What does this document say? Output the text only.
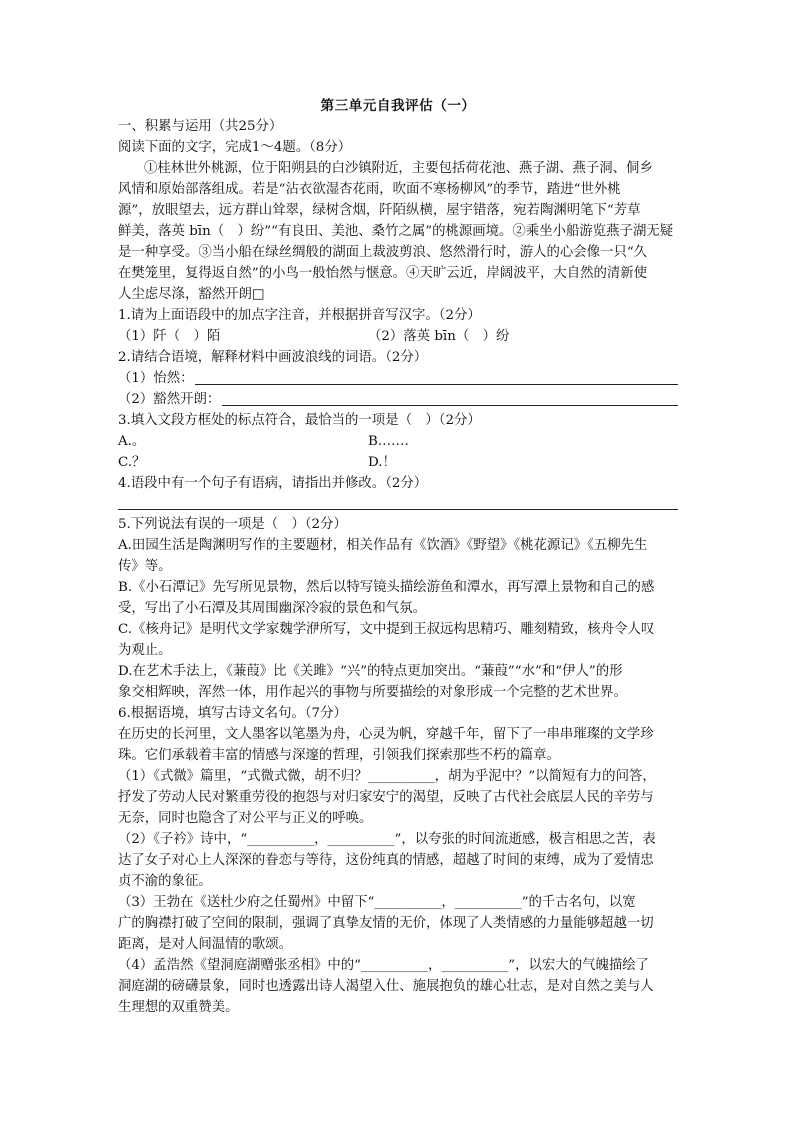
第三单元自我评估（一）
一、积累与运用（共25分）
阅读下面的文字，完成1～4题。（8分）
①桂林世外桃源，位于阳朔县的白沙镇附近，主要包括荷花池、燕子湖、燕子洞、侗乡
风情和原始部落组成。若是“沾衣欲湿杏花雨，吹面不寒杨柳风”的季节，踏进“世外桃
源”，放眼望去，远方群山耸翠，绿树含烟，阡陌纵横，屋宇错落，宛若陶渊明笔下“芳草
鲜美，落英 bīn（　）纷”“有良田、美池、桑竹之属”的桃源画境。②乘坐小船游览燕子湖无疑
是一种享受。③当小船在绿丝绸般的湖面上裁波剪浪、悠然滑行时，游人的心会像一只“久
在樊笼里，复得返自然”的小鸟一般怡然与惬意。④天旷云近，岸阔波平，大自然的清新使
人尘虑尽涤，豁然开朗□
1.请为上面语段中的加点字注音，并根据拼音写汉字。（2分）
（1）阡（　）陌	（2）落英 bīn（　）纷
2.请结合语境，解释材料中画波浪线的词语。（2分）
（1）怡然：
（2）豁然开朗：
3.填入文段方框处的标点符合，最恰当的一项是（　）（2分）
A.。	B.……
C.？	D.！
4.语段中有一个句子有语病，请指出并修改。（2分）
5.下列说法有误的一项是（　）（2分）
A.田园生活是陶渊明写作的主要题材，相关作品有《饮酒》《野望》《桃花源记》《五柳先生
传》等。
B.《小石潭记》先写所见景物，然后以特写镜头描绘游鱼和潭水，再写潭上景物和自己的感
受，写出了小石潭及其周围幽深冷寂的景色和气氛。
C.《核舟记》是明代文学家魏学洢所写，文中提到王叔远构思精巧、雕刻精致，核舟令人叹
为观止。
D.在艺术手法上，《蒹葭》比《关雎》“兴”的特点更加突出。“蒹葭”“水”和“伊人”的形
象交相辉映，浑然一体，用作起兴的事物与所要描绘的对象形成一个完整的艺术世界。
6.根据语境，填写古诗文名句。（7分）
在历史的长河里，文人墨客以笔墨为舟，心灵为帆，穿越千年，留下了一串串璀璨的文学珍
珠。它们承载着丰富的情感与深邃的哲理，引领我们探索那些不朽的篇章。
（1）《式微》篇里，“式微式微，胡不归？__________，胡为乎泥中？”以简短有力的问答，
抒发了劳动人民对繁重劳役的抱怨与对归家安宁的渴望，反映了古代社会底层人民的辛劳与
无奈，同时也隐含了对公平与正义的呼唤。
（2）《子衿》诗中，“__________，__________”，以夸张的时间流逝感，极言相思之苦，表
达了女子对心上人深深的眷恋与等待，这份纯真的情感，超越了时间的束缚，成为了爱情忠
贞不渝的象征。
（3）王勃在《送杜少府之任蜀州》中留下“__________，__________”的千古名句，以宽
广的胸襟打破了空间的限制，强调了真挚友情的无价，体现了人类情感的力量能够超越一切
距离，是对人间温情的歌颂。
（4）孟浩然《望洞庭湖赠张丞相》中的“__________，__________”，以宏大的气魄描绘了
洞庭湖的磅礴景象，同时也透露出诗人渴望入仕、施展抱负的雄心壮志，是对自然之美与人
生理想的双重赞美。
